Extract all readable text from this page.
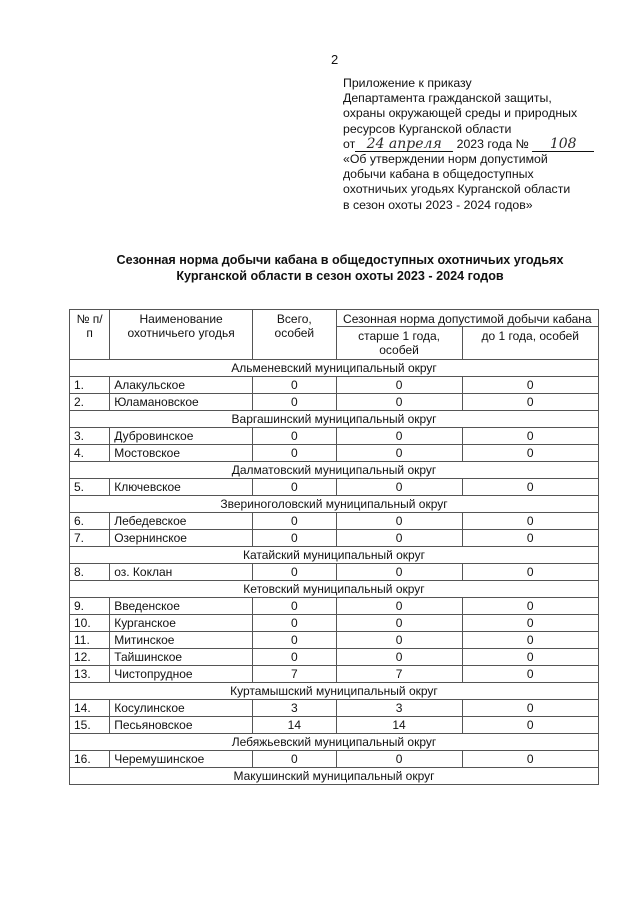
2
Приложение к приказу
Департамента гражданской защиты,
охраны окружающей среды и природных
ресурсов Курганской области
от 24 апреля 2023 года № 108
«Об утверждении норм допустимой
добычи кабана в общедоступных
охотничьих угодьях Курганской области
в сезон охоты 2023 - 2024 годов»
Сезонная норма добычи кабана в общедоступных охотничьих угодьях
Курганской области в сезон охоты 2023 - 2024 годов
№ п/п	Наименование охотничьего угодья	Всего, особей	Сезонная норма допустимой добычи кабана	
			старше 1 года, особей	до 1 года, особей
Альменевский муниципальный округ				
1.	Алакульское	0	0	0
2.	Юламановское	0	0	0
Варгашинский муниципальный округ				
3.	Дубровинское	0	0	0
4.	Мостовское	0	0	0
Далматовский муниципальный округ				
5.	Ключевское	0	0	0
Звериноголовский муниципальный округ				
6.	Лебедевское	0	0	0
7.	Озернинское	0	0	0
Катайский муниципальный округ				
8.	оз. Коклан	0	0	0
Кетовский муниципальный округ				
9.	Введенское	0	0	0
10.	Курганское	0	0	0
11.	Митинское	0	0	0
12.	Тайшинское	0	0	0
13.	Чистопрудное	7	7	0
Куртамышский муниципальный округ				
14.	Косулинское	3	3	0
15.	Песьяновское	14	14	0
Лебяжьевский муниципальный округ				
16.	Черемушинское	0	0	0
Макушинский муниципальный округ				
